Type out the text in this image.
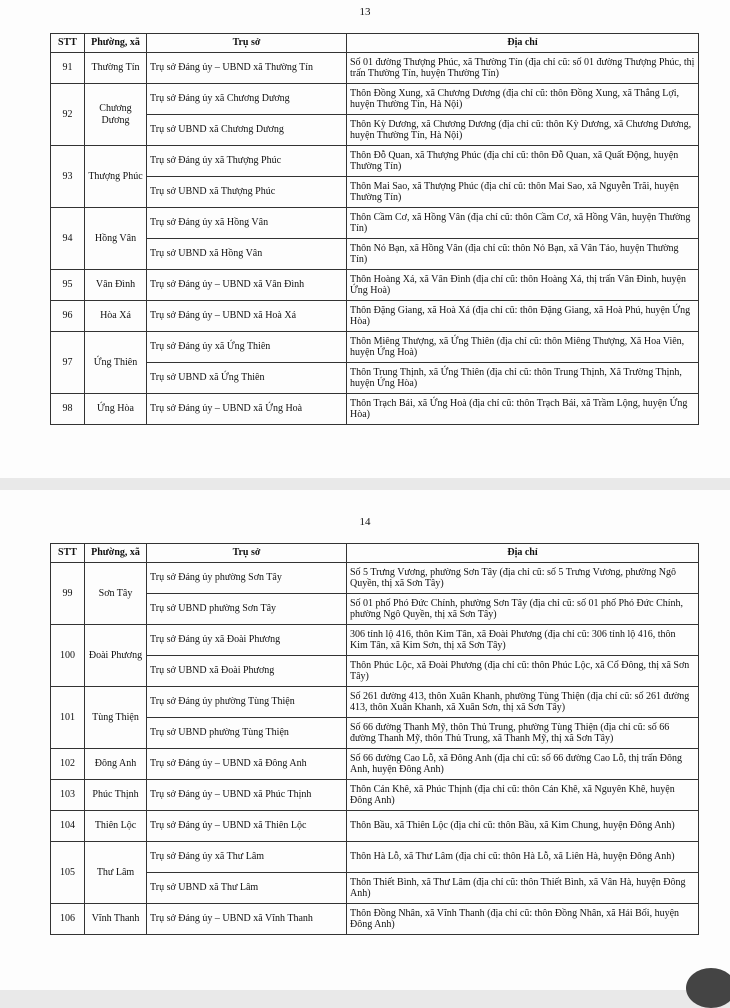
13
STT	Phường, xã	Trụ sở	Địa chỉ
91	Thường Tín	Trụ sở Đảng ủy – UBND xã Thường Tín	Số 01 đường Thượng Phúc, xã Thường Tín (địa chỉ cũ: số 01 đường Thượng Phúc, thị trấn Thường Tín, huyện Thường Tín)
92	Chương Dương	Trụ sở Đảng ủy xã Chương Dương	Thôn Đồng Xung, xã Chương Dương (địa chỉ cũ: thôn Đồng Xung, xã Thắng Lợi, huyện Thường Tín, Hà Nội)
		Trụ sở UBND xã Chương Dương	Thôn Kỳ Dương, xã Chương Dương (địa chỉ cũ: thôn Kỳ Dương, xã Chương Dương, huyện Thường Tín, Hà Nội)
93	Thượng Phúc	Trụ sở Đảng ủy xã Thượng Phúc	Thôn Đỗ Quan, xã Thượng Phúc (địa chỉ cũ: thôn Đỗ Quan, xã Quất Động, huyện Thường Tín)
		Trụ sở UBND xã Thượng Phúc	Thôn Mai Sao, xã Thượng Phúc (địa chỉ cũ: thôn Mai Sao, xã Nguyễn Trãi, huyện Thường Tín)
94	Hồng Vân	Trụ sở Đảng ủy xã Hồng Vân	Thôn Cầm Cơ, xã Hồng Vân (địa chỉ cũ: thôn Cầm Cơ, xã Hồng Vân, huyện Thường Tín)
		Trụ sở UBND xã Hồng Vân	Thôn Nỏ Bạn, xã Hồng Vân (địa chỉ cũ: thôn Nỏ Bạn, xã Vân Tảo, huyện Thường Tín)
95	Vân Đình	Trụ sở Đảng ủy – UBND xã Vân Đình	Thôn Hoàng Xá, xã Vân Đình (địa chỉ cũ: thôn Hoàng Xá, thị trấn Vân Đình, huyện Ứng Hoà)
96	Hòa Xá	Trụ sở Đảng ủy – UBND xã Hoà Xá	Thôn Đặng Giang, xã Hoà Xá (địa chỉ cũ: thôn Đặng Giang, xã Hoà Phú, huyện Ứng Hòa)
97	Ứng Thiên	Trụ sở Đảng ủy xã Ứng Thiên	Thôn Miêng Thượng, xã Ứng Thiên (địa chỉ cũ: thôn Miêng Thượng, Xã Hoa Viên, huyện Ứng Hoà)
		Trụ sở UBND xã Ứng Thiên	Thôn Trung Thịnh, xã Ứng Thiên (địa chỉ cũ: thôn Trung Thịnh, Xã Trường Thịnh, huyện Ứng Hòa)
98	Ứng Hòa	Trụ sở Đảng ủy – UBND xã Ứng Hoà	Thôn Trạch Bái, xã Ứng Hoà (địa chỉ cũ: thôn Trạch Bái, xã Trầm Lộng, huyện Ứng Hòa)
14
STT	Phường, xã	Trụ sở	Địa chỉ
99	Sơn Tây	Trụ sở Đảng ủy phường Sơn Tây	Số 5 Trưng Vương, phường Sơn Tây (địa chỉ cũ: số 5 Trưng Vương, phường Ngô Quyền, thị xã Sơn Tây)
		Trụ sở UBND phường Sơn Tây	Số 01 phố Phó Đức Chính, phường Sơn Tây (địa chỉ cũ: số 01 phố Phó Đức Chính, phường Ngô Quyền, thị xã Sơn Tây)
100	Đoài Phương	Trụ sở Đảng ủy xã Đoài Phương	306 tỉnh lộ 416, thôn Kim Tân, xã Đoài Phương (địa chỉ cũ: 306 tỉnh lộ 416, thôn Kim Tân, xã Kim Sơn, thị xã Sơn Tây)
		Trụ sở UBND xã Đoài Phương	Thôn Phúc Lộc, xã Đoài Phương (địa chỉ cũ: thôn Phúc Lộc, xã Cổ Đông, thị xã Sơn Tây)
101	Tùng Thiện	Trụ sở Đảng ủy phường Tùng Thiện	Số 261 đường 413, thôn Xuân Khanh, phường Tùng Thiện (địa chỉ cũ: số 261 đường 413, thôn Xuân Khanh, xã Xuân Sơn, thị xã Sơn Tây)
		Trụ sở UBND phường Tùng Thiện	Số 66 đường Thanh Mỹ, thôn Thủ Trung, phường Tùng Thiện (địa chỉ cũ: số 66 đường Thanh Mỹ, thôn Thủ Trung, xã Thanh Mỹ, thị xã Sơn Tây)
102	Đông Anh	Trụ sở Đảng ủy – UBND xã Đông Anh	Số 66 đường Cao Lỗ, xã Đông Anh (địa chỉ cũ: số 66 đường Cao Lỗ, thị trấn Đông Anh, huyện Đông Anh)
103	Phúc Thịnh	Trụ sở Đảng ủy – UBND xã Phúc Thịnh	Thôn Cán Khê, xã Phúc Thịnh (địa chỉ cũ: thôn Cán Khê, xã Nguyên Khê, huyện Đông Anh)
104	Thiên Lộc	Trụ sở Đảng ủy – UBND xã Thiên Lộc	Thôn Bầu, xã Thiên Lộc (địa chỉ cũ: thôn Bầu, xã Kim Chung, huyện Đông Anh)
105	Thư Lâm	Trụ sở Đảng ủy xã Thư Lâm	Thôn Hà Lỗ, xã Thư Lâm (địa chỉ cũ: thôn Hà Lỗ, xã Liên Hà, huyện Đông Anh)
		Trụ sở UBND xã Thư Lâm	Thôn Thiết Bình, xã Thư Lâm (địa chỉ cũ: thôn Thiết Bình, xã Vân Hà, huyện Đông Anh)
106	Vĩnh Thanh	Trụ sở Đảng ủy – UBND xã Vĩnh Thanh	Thôn Đồng Nhân, xã Vĩnh Thanh (địa chỉ cũ: thôn Đồng Nhân, xã Hải Bối, huyện Đông Anh)
